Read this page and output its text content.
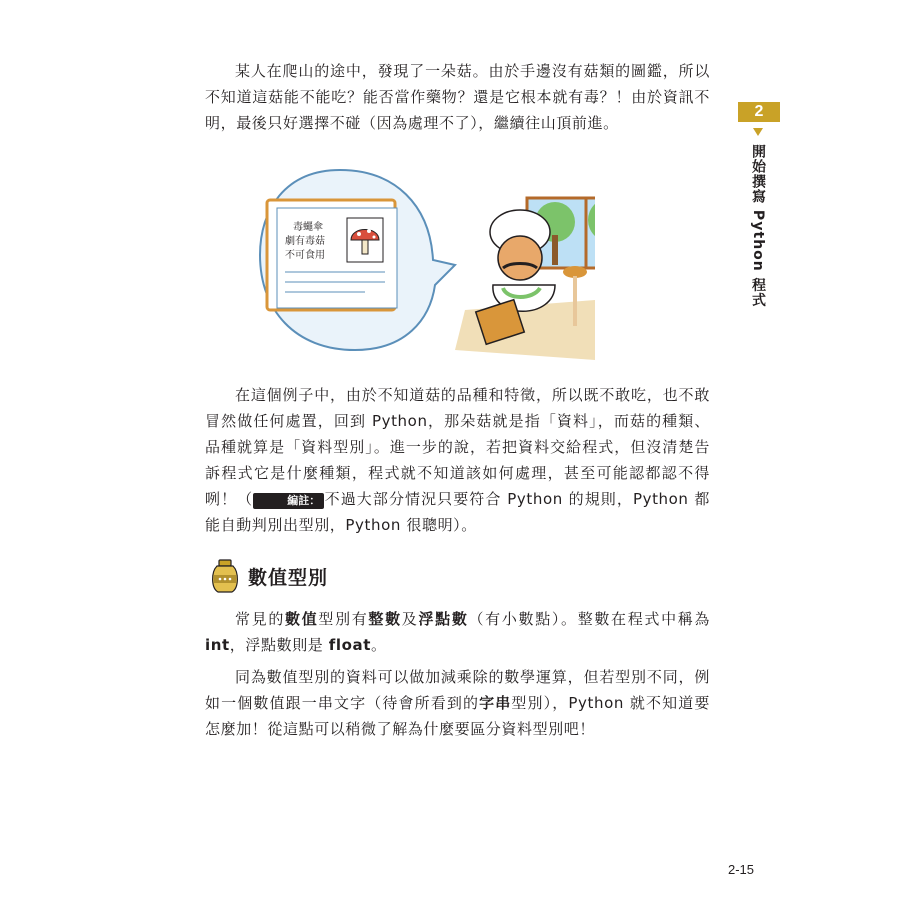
某人在爬山的途中，發現了一朵菇。由於手邊沒有菇類的圖鑑，所以不知道這菇能不能吃？能否當作藥物？還是它根本就有毒？！由於資訊不明，最後只好選擇不碰（因為處理不了），繼續往山頂前進。

2
開始撰寫 Python 程式
毒蠅傘
劇有毒菇
不可食用

在這個例子中，由於不知道菇的品種和特徵，所以既不敢吃，也不敢冒然做任何處置，回到 Python，那朵菇就是指「資料」，而菇的種類、品種就算是「資料型別」。進一步的說，若把資料交給程式，但沒清楚告訴程式它是什麼種類，程式就不知道該如何處理，甚至可能認都認不得咧！（	編註： 不過大部分情況只要符合 Python 的規則，Python 都能自動判別出型別，Python 很聰明）。

數值型別

常見的數值型別有整數及浮點數（有小數點）。整數在程式中稱為 int，浮點數則是 float。

同為數值型別的資料可以做加減乘除的數學運算，但若型別不同，例如一個數值跟一串文字（待會所看到的字串型別），Python 就不知道要怎麼加！從這點可以稍微了解為什麼要區分資料型別吧！

2-15
